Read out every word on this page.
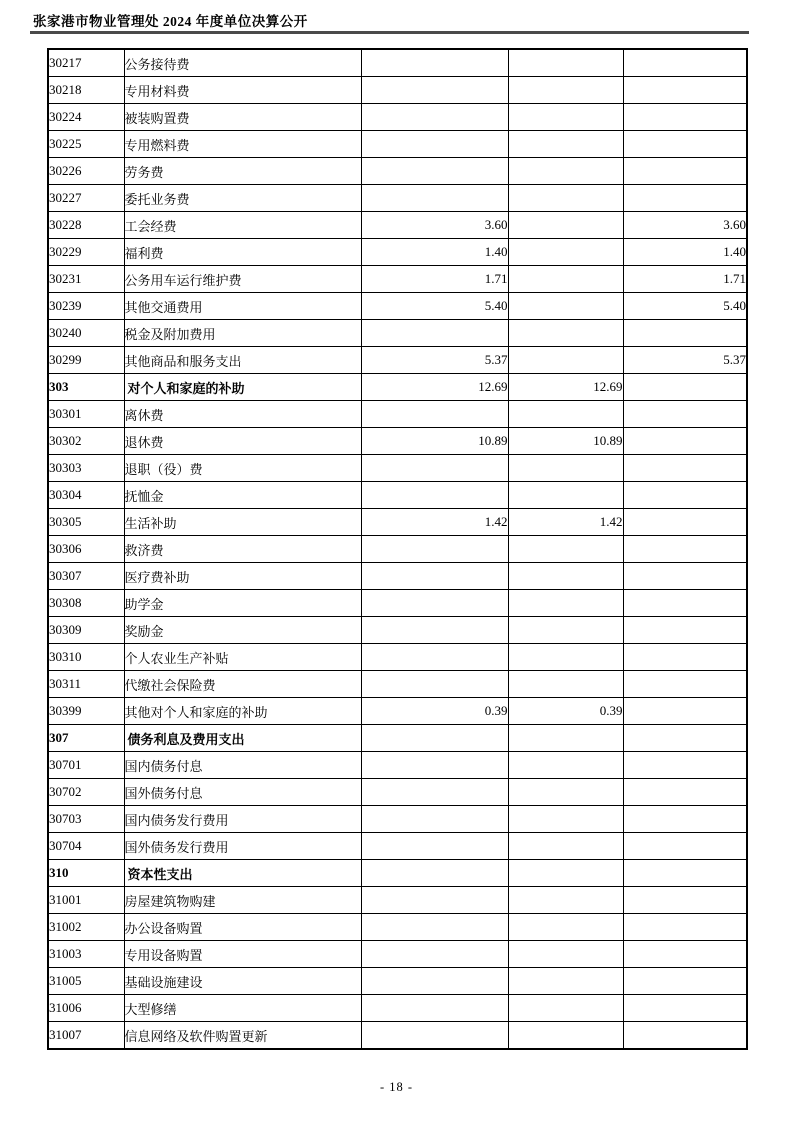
张家港市物业管理处 2024 年度单位决算公开
30217	公务接待费			
30218	专用材料费			
30224	被装购置费			
30225	专用燃料费			
30226	劳务费			
30227	委托业务费			
30228	工会经费	3.60		3.60
30229	福利费	1.40		1.40
30231	公务用车运行维护费	1.71		1.71
30239	其他交通费用	5.40		5.40
30240	税金及附加费用			
30299	其他商品和服务支出	5.37		5.37
303	对个人和家庭的补助	12.69	12.69	
30301	离休费			
30302	退休费	10.89	10.89	
30303	退职（役）费			
30304	抚恤金			
30305	生活补助	1.42	1.42	
30306	救济费			
30307	医疗费补助			
30308	助学金			
30309	奖励金			
30310	个人农业生产补贴			
30311	代缴社会保险费			
30399	其他对个人和家庭的补助	0.39	0.39	
307	债务利息及费用支出			
30701	国内债务付息			
30702	国外债务付息			
30703	国内债务发行费用			
30704	国外债务发行费用			
310	资本性支出			
31001	房屋建筑物购建			
31002	办公设备购置			
31003	专用设备购置			
31005	基础设施建设			
31006	大型修缮			
31007	信息网络及软件购置更新			
- 18 -
